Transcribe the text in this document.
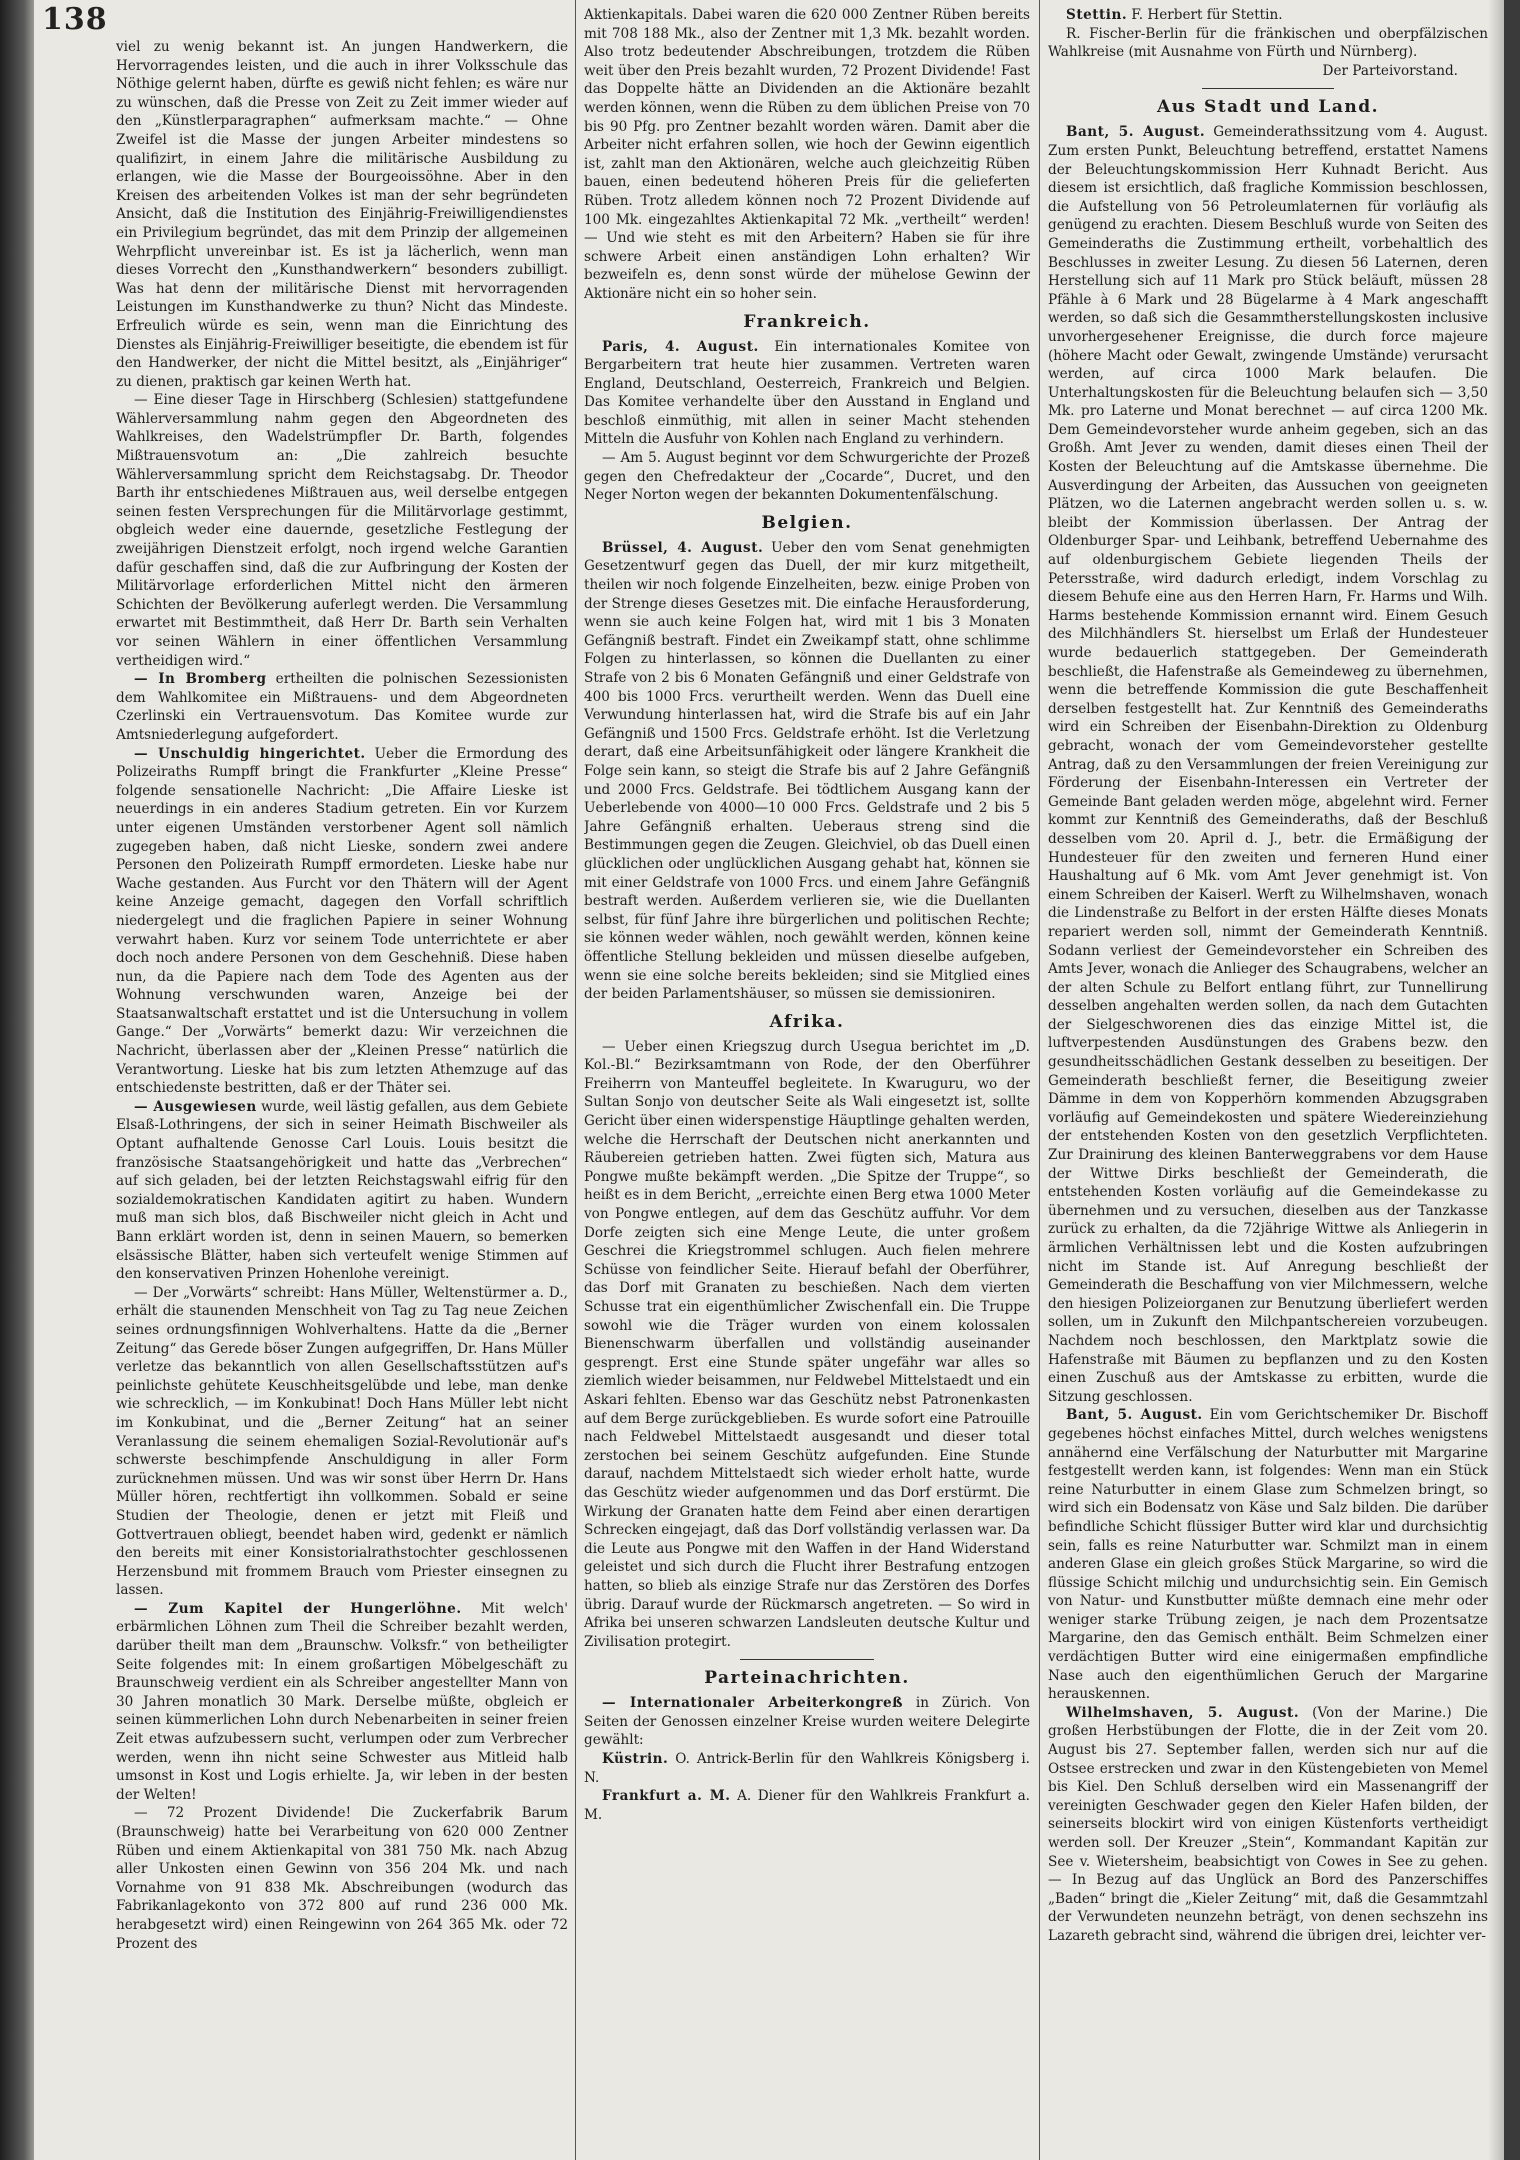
138

viel zu wenig bekannt ist. An jungen Handwerkern, die Hervorragendes leisten, und die auch in ihrer Volksschule das Nöthige gelernt haben, dürfte es gewiß nicht fehlen; es wäre nur zu wünschen, daß die Presse von Zeit zu Zeit immer wieder auf den „Künstlerparagraphen“ aufmerksam machte.“ — Ohne Zweifel ist die Masse der jungen Arbeiter mindestens so qualifizirt, in einem Jahre die militärische Ausbildung zu erlangen, wie die Masse der Bourgeoissöhne. Aber in den Kreisen des arbeitenden Volkes ist man der sehr begründeten Ansicht, daß die Institution des Einjährig-Freiwilligendienstes ein Privilegium begründet, das mit dem Prinzip der allgemeinen Wehrpflicht unvereinbar ist. Es ist ja lächerlich, wenn man dieses Vorrecht den „Kunsthandwerkern“ besonders zubilligt. Was hat denn der militärische Dienst mit hervorragenden Leistungen im Kunsthandwerke zu thun? Nicht das Mindeste. Erfreulich würde es sein, wenn man die Einrichtung des Dienstes als Einjährig-Freiwilliger beseitigte, die ebendem ist für den Handwerker, der nicht die Mittel besitzt, als „Einjähriger“ zu dienen, praktisch gar keinen Werth hat.

— Eine dieser Tage in Hirschberg (Schlesien) stattgefundene Wählerversammlung nahm gegen den Abgeordneten des Wahlkreises, den Wadelstrümpfler Dr. Barth, folgendes Mißtrauensvotum an: „Die zahlreich besuchte Wählerversammlung spricht dem Reichstagsabg. Dr. Theodor Barth ihr entschiedenes Mißtrauen aus, weil derselbe entgegen seinen festen Versprechungen für die Militärvorlage gestimmt, obgleich weder eine dauernde, gesetzliche Festlegung der zweijährigen Dienstzeit erfolgt, noch irgend welche Garantien dafür geschaffen sind, daß die zur Aufbringung der Kosten der Militärvorlage erforderlichen Mittel nicht den ärmeren Schichten der Bevölkerung auferlegt werden. Die Versammlung erwartet mit Bestimmtheit, daß Herr Dr. Barth sein Verhalten vor seinen Wählern in einer öffentlichen Versammlung vertheidigen wird.“

— In Bromberg ertheilten die polnischen Sezessionisten dem Wahlkomitee ein Mißtrauens- und dem Abgeordneten Czerlinski ein Vertrauensvotum. Das Komitee wurde zur Amtsniederlegung aufgefordert.

— Unschuldig hingerichtet. Ueber die Ermordung des Polizeiraths Rumpff bringt die Frankfurter „Kleine Presse“ folgende sensationelle Nachricht: „Die Affaire Lieske ist neuerdings in ein anderes Stadium getreten. Ein vor Kurzem unter eigenen Umständen verstorbener Agent soll nämlich zugegeben haben, daß nicht Lieske, sondern zwei andere Personen den Polizeirath Rumpff ermordeten. Lieske habe nur Wache gestanden. Aus Furcht vor den Thätern will der Agent keine Anzeige gemacht, dagegen den Vorfall schriftlich niedergelegt und die fraglichen Papiere in seiner Wohnung verwahrt haben. Kurz vor seinem Tode unterrichtete er aber doch noch andere Personen von dem Geschehniß. Diese haben nun, da die Papiere nach dem Tode des Agenten aus der Wohnung verschwunden waren, Anzeige bei der Staatsanwaltschaft erstattet und ist die Untersuchung in vollem Gange.“ Der „Vorwärts“ bemerkt dazu: Wir verzeichnen die Nachricht, überlassen aber der „Kleinen Presse“ natürlich die Verantwortung. Lieske hat bis zum letzten Athemzuge auf das entschiedenste bestritten, daß er der Thäter sei.

— Ausgewiesen wurde, weil lästig gefallen, aus dem Gebiete Elsaß-Lothringens, der sich in seiner Heimath Bischweiler als Optant aufhaltende Genosse Carl Louis. Louis besitzt die französische Staatsangehörigkeit und hatte das „Verbrechen“ auf sich geladen, bei der letzten Reichstagswahl eifrig für den sozialdemokratischen Kandidaten agitirt zu haben. Wundern muß man sich blos, daß Bischweiler nicht gleich in Acht und Bann erklärt worden ist, denn in seinen Mauern, so bemerken elsässische Blätter, haben sich verteufelt wenige Stimmen auf den konservativen Prinzen Hohenlohe vereinigt.

— Der „Vorwärts“ schreibt: Hans Müller, Weltenstürmer a. D., erhält die staunenden Menschheit von Tag zu Tag neue Zeichen seines ordnungsfinnigen Wohlverhaltens. Hatte da die „Berner Zeitung“ das Gerede böser Zungen aufgegriffen, Dr. Hans Müller verletze das bekanntlich von allen Gesellschaftsstützen auf's peinlichste gehütete Keuschheitsgelübde und lebe, man denke wie schrecklich, — im Konkubinat! Doch Hans Müller lebt nicht im Konkubinat, und die „Berner Zeitung“ hat an seiner Veranlassung die seinem ehemaligen Sozial-Revolutionär auf's schwerste beschimpfende Anschuldigung in aller Form zurücknehmen müssen. Und was wir sonst über Herrn Dr. Hans Müller hören, rechtfertigt ihn vollkommen. Sobald er seine Studien der Theologie, denen er jetzt mit Fleiß und Gottvertrauen obliegt, beendet haben wird, gedenkt er nämlich den bereits mit einer Konsistorialrathstochter geschlossenen Herzensbund mit frommem Brauch vom Priester einsegnen zu lassen.

— Zum Kapitel der Hungerlöhne. Mit welch' erbärmlichen Löhnen zum Theil die Schreiber bezahlt werden, darüber theilt man dem „Braunschw. Volksfr.“ von betheiligter Seite folgendes mit: In einem großartigen Möbelgeschäft zu Braunschweig verdient ein als Schreiber angestellter Mann von 30 Jahren monatlich 30 Mark. Derselbe müßte, obgleich er seinen kümmerlichen Lohn durch Nebenarbeiten in seiner freien Zeit etwas aufzubessern sucht, verlumpen oder zum Verbrecher werden, wenn ihn nicht seine Schwester aus Mitleid halb umsonst in Kost und Logis erhielte. Ja, wir leben in der besten der Welten!

— 72 Prozent Dividende! Die Zuckerfabrik Barum (Braunschweig) hatte bei Verarbeitung von 620 000 Zentner Rüben und einem Aktienkapital von 381 750 Mk. nach Abzug aller Unkosten einen Gewinn von 356 204 Mk. und nach Vornahme von 91 838 Mk. Abschreibungen (wodurch das Fabrikanlagekonto von 372 800 auf rund 236 000 Mk. herabgesetzt wird) einen Reingewinn von 264 365 Mk. oder 72 Prozent des

Aktienkapitals. Dabei waren die 620 000 Zentner Rüben bereits mit 708 188 Mk., also der Zentner mit 1,3 Mk. bezahlt worden. Also trotz bedeutender Abschreibungen, trotzdem die Rüben weit über den Preis bezahlt wurden, 72 Prozent Dividende! Fast das Doppelte hätte an Dividenden an die Aktionäre bezahlt werden können, wenn die Rüben zu dem üblichen Preise von 70 bis 90 Pfg. pro Zentner bezahlt worden wären. Damit aber die Arbeiter nicht erfahren sollen, wie hoch der Gewinn eigentlich ist, zahlt man den Aktionären, welche auch gleichzeitig Rüben bauen, einen bedeutend höheren Preis für die gelieferten Rüben. Trotz alledem können noch 72 Prozent Dividende auf 100 Mk. eingezahltes Aktienkapital 72 Mk. „vertheilt“ werden! — Und wie steht es mit den Arbeitern? Haben sie für ihre schwere Arbeit einen anständigen Lohn erhalten? Wir bezweifeln es, denn sonst würde der mühelose Gewinn der Aktionäre nicht ein so hoher sein.

Frankreich.

Paris, 4. August. Ein internationales Komitee von Bergarbeitern trat heute hier zusammen. Vertreten waren England, Deutschland, Oesterreich, Frankreich und Belgien. Das Komitee verhandelte über den Ausstand in England und beschloß einmüthig, mit allen in seiner Macht stehenden Mitteln die Ausfuhr von Kohlen nach England zu verhindern.

— Am 5. August beginnt vor dem Schwurgerichte der Prozeß gegen den Chefredakteur der „Cocarde“, Ducret, und den Neger Norton wegen der bekannten Dokumentenfälschung.

Belgien.

Brüssel, 4. August. Ueber den vom Senat genehmigten Gesetzentwurf gegen das Duell, der mir kurz mitgetheilt, theilen wir noch folgende Einzelheiten, bezw. einige Proben von der Strenge dieses Gesetzes mit. Die einfache Herausforderung, wenn sie auch keine Folgen hat, wird mit 1 bis 3 Monaten Gefängniß bestraft. Findet ein Zweikampf statt, ohne schlimme Folgen zu hinterlassen, so können die Duellanten zu einer Strafe von 2 bis 6 Monaten Gefängniß und einer Geldstrafe von 400 bis 1000 Frcs. verurtheilt werden. Wenn das Duell eine Verwundung hinterlassen hat, wird die Strafe bis auf ein Jahr Gefängniß und 1500 Frcs. Geldstrafe erhöht. Ist die Verletzung derart, daß eine Arbeitsunfähigkeit oder längere Krankheit die Folge sein kann, so steigt die Strafe bis auf 2 Jahre Gefängniß und 2000 Frcs. Geldstrafe. Bei tödtlichem Ausgang kann der Ueberlebende von 4000—10 000 Frcs. Geldstrafe und 2 bis 5 Jahre Gefängniß erhalten. Ueberaus streng sind die Bestimmungen gegen die Zeugen. Gleichviel, ob das Duell einen glücklichen oder unglücklichen Ausgang gehabt hat, können sie mit einer Geldstrafe von 1000 Frcs. und einem Jahre Gefängniß bestraft werden. Außerdem verlieren sie, wie die Duellanten selbst, für fünf Jahre ihre bürgerlichen und politischen Rechte; sie können weder wählen, noch gewählt werden, können keine öffentliche Stellung bekleiden und müssen dieselbe aufgeben, wenn sie eine solche bereits bekleiden; sind sie Mitglied eines der beiden Parlamentshäuser, so müssen sie demissioniren.

Afrika.

— Ueber einen Kriegszug durch Usegua berichtet im „D. Kol.-Bl.“ Bezirksamtmann von Rode, der den Oberführer Freiherrn von Manteuffel begleitete. In Kwaruguru, wo der Sultan Sonjo von deutscher Seite als Wali eingesetzt ist, sollte Gericht über einen widerspenstige Häuptlinge gehalten werden, welche die Herrschaft der Deutschen nicht anerkannten und Räubereien getrieben hatten. Zwei fügten sich, Matura aus Pongwe mußte bekämpft werden. „Die Spitze der Truppe“, so heißt es in dem Bericht, „erreichte einen Berg etwa 1000 Meter von Pongwe entlegen, auf dem das Geschütz auffuhr. Vor dem Dorfe zeigten sich eine Menge Leute, die unter großem Geschrei die Kriegstrommel schlugen. Auch fielen mehrere Schüsse von feindlicher Seite. Hierauf befahl der Oberführer, das Dorf mit Granaten zu beschießen. Nach dem vierten Schusse trat ein eigenthümlicher Zwischenfall ein. Die Truppe sowohl wie die Träger wurden von einem kolossalen Bienenschwarm überfallen und vollständig auseinander gesprengt. Erst eine Stunde später ungefähr war alles so ziemlich wieder beisammen, nur Feldwebel Mittelstaedt und ein Askari fehlten. Ebenso war das Geschütz nebst Patronenkasten auf dem Berge zurückgeblieben. Es wurde sofort eine Patrouille nach Feldwebel Mittelstaedt ausgesandt und dieser total zerstochen bei seinem Geschütz aufgefunden. Eine Stunde darauf, nachdem Mittelstaedt sich wieder erholt hatte, wurde das Geschütz wieder aufgenommen und das Dorf erstürmt. Die Wirkung der Granaten hatte dem Feind aber einen derartigen Schrecken eingejagt, daß das Dorf vollständig verlassen war. Da die Leute aus Pongwe mit den Waffen in der Hand Widerstand geleistet und sich durch die Flucht ihrer Bestrafung entzogen hatten, so blieb als einzige Strafe nur das Zerstören des Dorfes übrig. Darauf wurde der Rückmarsch angetreten. — So wird in Afrika bei unseren schwarzen Landsleuten deutsche Kultur und Zivilisation protegirt.

Parteinachrichten.

— Internationaler Arbeiterkongreß in Zürich. Von Seiten der Genossen einzelner Kreise wurden weitere Delegirte gewählt:

Küstrin. O. Antrick-Berlin für den Wahlkreis Königsberg i. N.

Frankfurt a. M. A. Diener für den Wahlkreis Frankfurt a. M.

Stettin. F. Herbert für Stettin.

R. Fischer-Berlin für die fränkischen und oberpfälzischen Wahlkreise (mit Ausnahme von Fürth und Nürnberg).

Der Parteivorstand.

Aus Stadt und Land.

Bant, 5. August. Gemeinderathssitzung vom 4. August. Zum ersten Punkt, Beleuchtung betreffend, erstattet Namens der Beleuchtungskommission Herr Kuhnadt Bericht. Aus diesem ist ersichtlich, daß fragliche Kommission beschlossen, die Aufstellung von 56 Petroleumlaternen für vorläufig als genügend zu erachten. Diesem Beschluß wurde von Seiten des Gemeinderaths die Zustimmung ertheilt, vorbehaltlich des Beschlusses in zweiter Lesung. Zu diesen 56 Laternen, deren Herstellung sich auf 11 Mark pro Stück beläuft, müssen 28 Pfähle à 6 Mark und 28 Bügelarme à 4 Mark angeschafft werden, so daß sich die Gesammtherstellungskosten inclusive unvorhergesehener Ereignisse, die durch force majeure (höhere Macht oder Gewalt, zwingende Umstände) verursacht werden, auf circa 1000 Mark belaufen. Die Unterhaltungskosten für die Beleuchtung belaufen sich — 3,50 Mk. pro Laterne und Monat berechnet — auf circa 1200 Mk. Dem Gemeindevorsteher wurde anheim gegeben, sich an das Großh. Amt Jever zu wenden, damit dieses einen Theil der Kosten der Beleuchtung auf die Amtskasse übernehme. Die Ausverdingung der Arbeiten, das Aussuchen von geeigneten Plätzen, wo die Laternen angebracht werden sollen u. s. w. bleibt der Kommission überlassen. Der Antrag der Oldenburger Spar- und Leihbank, betreffend Uebernahme des auf oldenburgischem Gebiete liegenden Theils der Petersstraße, wird dadurch erledigt, indem Vorschlag zu diesem Behufe eine aus den Herren Harn, Fr. Harms und Wilh. Harms bestehende Kommission ernannt wird. Einem Gesuch des Milchhändlers St. hierselbst um Erlaß der Hundesteuer wurde bedauerlich stattgegeben. Der Gemeinderath beschließt, die Hafenstraße als Gemeindeweg zu übernehmen, wenn die betreffende Kommission die gute Beschaffenheit derselben festgestellt hat. Zur Kenntniß des Gemeinderaths wird ein Schreiben der Eisenbahn-Direktion zu Oldenburg gebracht, wonach der vom Gemeindevorsteher gestellte Antrag, daß zu den Versammlungen der freien Vereinigung zur Förderung der Eisenbahn-Interessen ein Vertreter der Gemeinde Bant geladen werden möge, abgelehnt wird. Ferner kommt zur Kenntniß des Gemeinderaths, daß der Beschluß desselben vom 20. April d. J., betr. die Ermäßigung der Hundesteuer für den zweiten und ferneren Hund einer Haushaltung auf 6 Mk. vom Amt Jever genehmigt ist. Von einem Schreiben der Kaiserl. Werft zu Wilhelmshaven, wonach die Lindenstraße zu Belfort in der ersten Hälfte dieses Monats repariert werden soll, nimmt der Gemeinderath Kenntniß. Sodann verliest der Gemeindevorsteher ein Schreiben des Amts Jever, wonach die Anlieger des Schaugrabens, welcher an der alten Schule zu Belfort entlang führt, zur Tunnellirung desselben angehalten werden sollen, da nach dem Gutachten der Sielgeschworenen dies das einzige Mittel ist, die luftverpestenden Ausdünstungen des Grabens bezw. den gesundheitsschädlichen Gestank desselben zu beseitigen. Der Gemeinderath beschließt ferner, die Beseitigung zweier Dämme in dem von Kopperhörn kommenden Abzugsgraben vorläufig auf Gemeindekosten und spätere Wiedereinziehung der entstehenden Kosten von den gesetzlich Verpflichteten. Zur Drainirung des kleinen Banterweggrabens vor dem Hause der Wittwe Dirks beschließt der Gemeinderath, die entstehenden Kosten vorläufig auf die Gemeindekasse zu übernehmen und zu versuchen, dieselben aus der Tanzkasse zurück zu erhalten, da die 72jährige Wittwe als Anliegerin in ärmlichen Verhältnissen lebt und die Kosten aufzubringen nicht im Stande ist. Auf Anregung beschließt der Gemeinderath die Beschaffung von vier Milchmessern, welche den hiesigen Polizeiorganen zur Benutzung überliefert werden sollen, um in Zukunft den Milchpantschereien vorzubeugen. Nachdem noch beschlossen, den Marktplatz sowie die Hafenstraße mit Bäumen zu bepflanzen und zu den Kosten einen Zuschuß aus der Amtskasse zu erbitten, wurde die Sitzung geschlossen.

Bant, 5. August. Ein vom Gerichtschemiker Dr. Bischoff gegebenes höchst einfaches Mittel, durch welches wenigstens annähernd eine Verfälschung der Naturbutter mit Margarine festgestellt werden kann, ist folgendes: Wenn man ein Stück reine Naturbutter in einem Glase zum Schmelzen bringt, so wird sich ein Bodensatz von Käse und Salz bilden. Die darüber befindliche Schicht flüssiger Butter wird klar und durchsichtig sein, falls es reine Naturbutter war. Schmilzt man in einem anderen Glase ein gleich großes Stück Margarine, so wird die flüssige Schicht milchig und undurchsichtig sein. Ein Gemisch von Natur- und Kunstbutter müßte demnach eine mehr oder weniger starke Trübung zeigen, je nach dem Prozentsatze Margarine, den das Gemisch enthält. Beim Schmelzen einer verdächtigen Butter wird eine einigermaßen empfindliche Nase auch den eigenthümlichen Geruch der Margarine herauskennen.

Wilhelmshaven, 5. August. (Von der Marine.) Die großen Herbstübungen der Flotte, die in der Zeit vom 20. August bis 27. September fallen, werden sich nur auf die Ostsee erstrecken und zwar in den Küstengebieten von Memel bis Kiel. Den Schluß derselben wird ein Massenangriff der vereinigten Geschwader gegen den Kieler Hafen bilden, der seinerseits blockirt wird von einigen Küstenforts vertheidigt werden soll. Der Kreuzer „Stein“, Kommandant Kapitän zur See v. Wietersheim, beabsichtigt von Cowes in See zu gehen. — In Bezug auf das Unglück an Bord des Panzerschiffes „Baden“ bringt die „Kieler Zeitung“ mit, daß die Gesammtzahl der Verwundeten neunzehn beträgt, von denen sechszehn ins Lazareth gebracht sind, während die übrigen drei, leichter ver-
